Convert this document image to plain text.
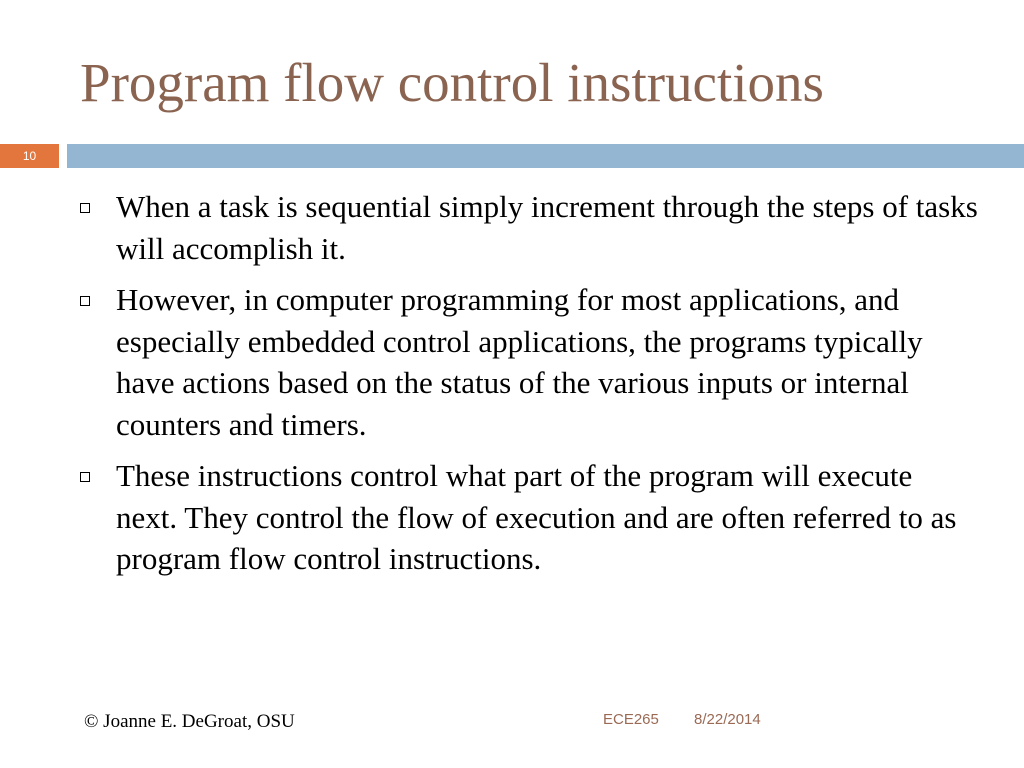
Program flow control instructions
10
When a task is sequential simply increment through the steps of tasks will accomplish it.
However, in computer programming for most applications, and especially embedded control applications, the programs typically have actions based on the status of the various inputs or internal counters and timers.
These instructions control what part of the program will execute next. They control the flow of execution and are often referred to as program flow control instructions.
© Joanne E. DeGroat, OSU	ECE265 8/22/2014
